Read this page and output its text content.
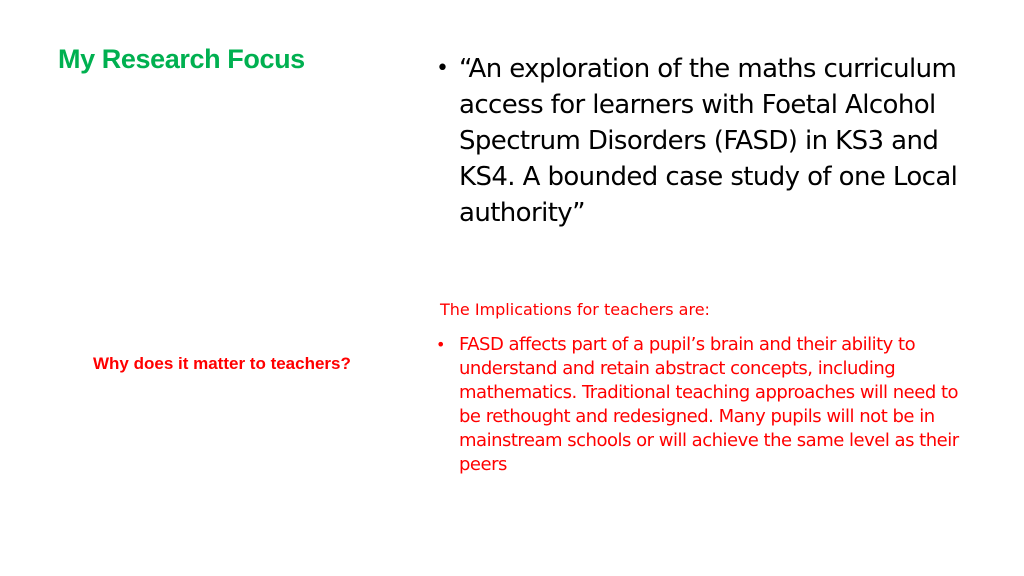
My Research Focus	• “An exploration of the maths curriculum access for learners with Foetal Alcohol Spectrum Disorders (FASD) in KS3 and KS4. A bounded case study of one Local authority”

The Implications for teachers are:

• FASD affects part of a pupil’s brain and their ability to understand and retain abstract concepts, including mathematics. Traditional teaching approaches will need to be rethought and redesigned. Many pupils will not be in mainstream schools or will achieve the same level as their peers

Why does it matter to teachers?
